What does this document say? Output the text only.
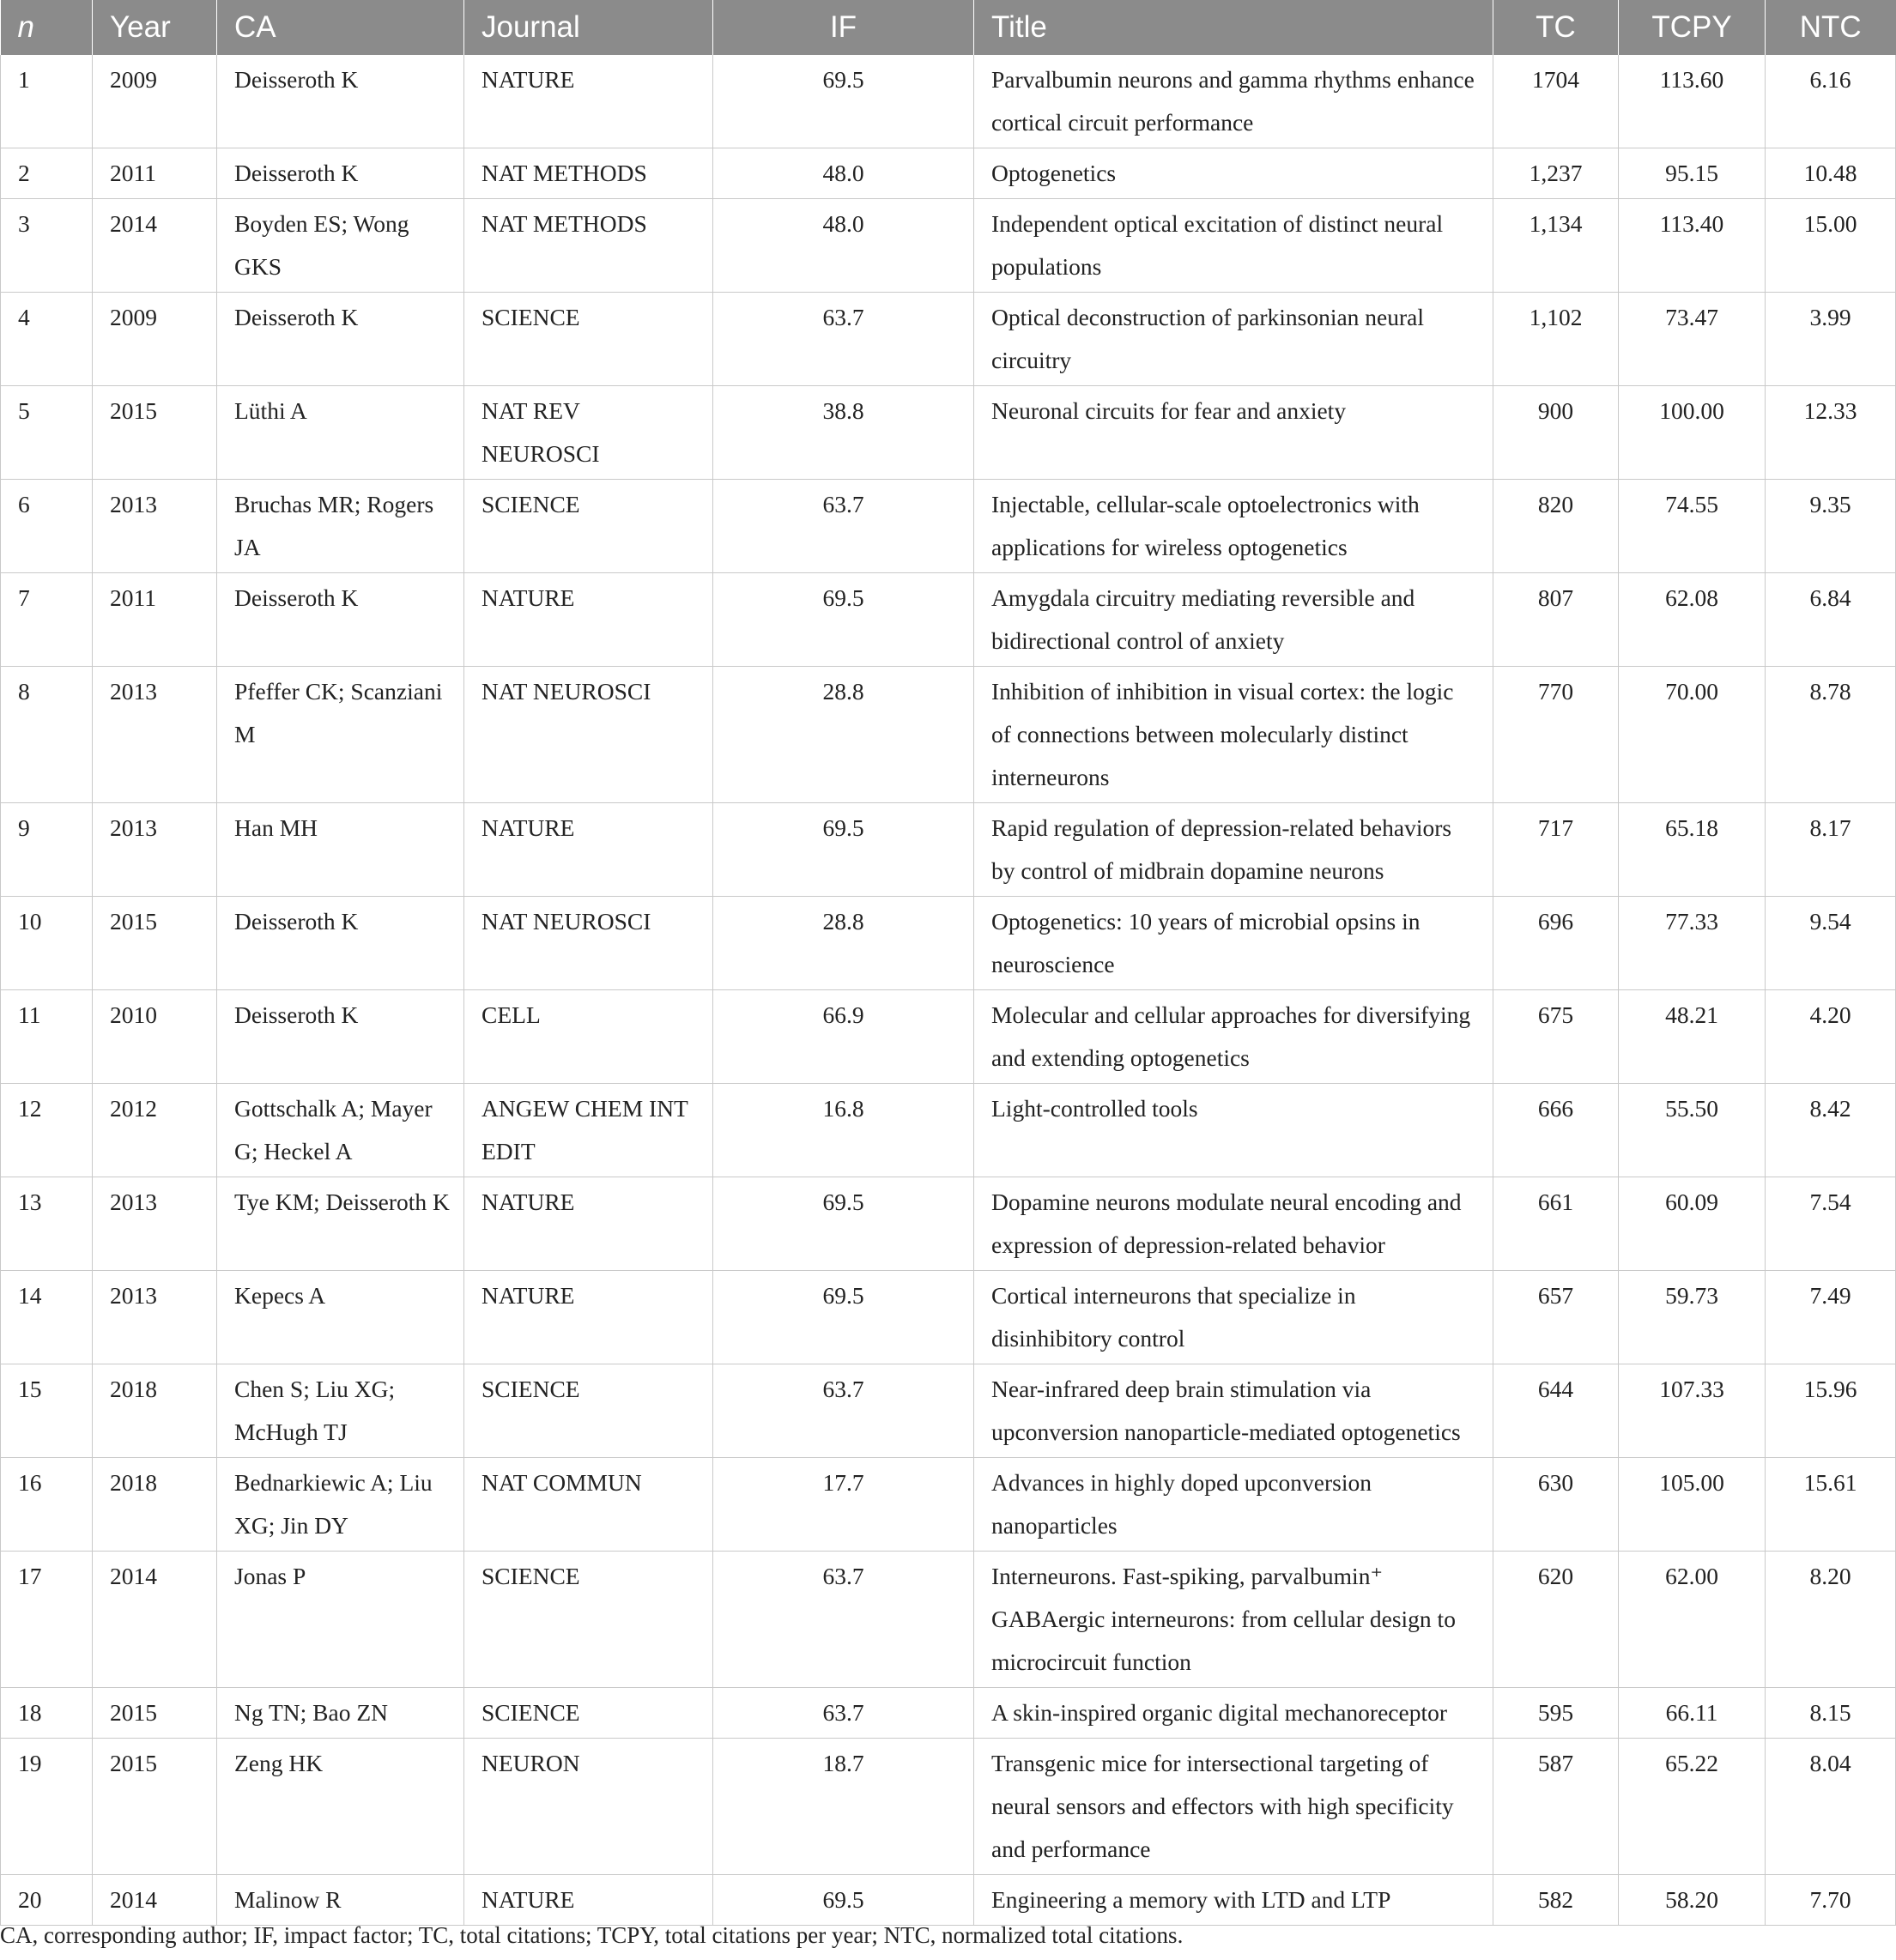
n	Year	CA	Journal	IF	Title	TC	TCPY	NTC
1	2009	Deisseroth K	NATURE	69.5	Parvalbumin neurons and gamma rhythms enhance cortical circuit performance	1704	113.60	6.16
2	2011	Deisseroth K	NAT METHODS	48.0	Optogenetics	1,237	95.15	10.48
3	2014	Boyden ES; Wong GKS	NAT METHODS	48.0	Independent optical excitation of distinct neural populations	1,134	113.40	15.00
4	2009	Deisseroth K	SCIENCE	63.7	Optical deconstruction of parkinsonian neural circuitry	1,102	73.47	3.99
5	2015	Lüthi A	NAT REV NEUROSCI	38.8	Neuronal circuits for fear and anxiety	900	100.00	12.33
6	2013	Bruchas MR; Rogers JA	SCIENCE	63.7	Injectable, cellular-scale optoelectronics with applications for wireless optogenetics	820	74.55	9.35
7	2011	Deisseroth K	NATURE	69.5	Amygdala circuitry mediating reversible and bidirectional control of anxiety	807	62.08	6.84
8	2013	Pfeffer CK; Scanziani M	NAT NEUROSCI	28.8	Inhibition of inhibition in visual cortex: the logic of connections between molecularly distinct interneurons	770	70.00	8.78
9	2013	Han MH	NATURE	69.5	Rapid regulation of depression-related behaviors by control of midbrain dopamine neurons	717	65.18	8.17
10	2015	Deisseroth K	NAT NEUROSCI	28.8	Optogenetics: 10 years of microbial opsins in neuroscience	696	77.33	9.54
11	2010	Deisseroth K	CELL	66.9	Molecular and cellular approaches for diversifying and extending optogenetics	675	48.21	4.20
12	2012	Gottschalk A; Mayer G; Heckel A	ANGEW CHEM INT EDIT	16.8	Light-controlled tools	666	55.50	8.42
13	2013	Tye KM; Deisseroth K	NATURE	69.5	Dopamine neurons modulate neural encoding and expression of depression-related behavior	661	60.09	7.54
14	2013	Kepecs A	NATURE	69.5	Cortical interneurons that specialize in disinhibitory control	657	59.73	7.49
15	2018	Chen S; Liu XG; McHugh TJ	SCIENCE	63.7	Near-infrared deep brain stimulation via upconversion nanoparticle-mediated optogenetics	644	107.33	15.96
16	2018	Bednarkiewic A; Liu XG; Jin DY	NAT COMMUN	17.7	Advances in highly doped upconversion nanoparticles	630	105.00	15.61
17	2014	Jonas P	SCIENCE	63.7	Interneurons. Fast-spiking, parvalbumin⁺ GABAergic interneurons: from cellular design to microcircuit function	620	62.00	8.20
18	2015	Ng TN; Bao ZN	SCIENCE	63.7	A skin-inspired organic digital mechanoreceptor	595	66.11	8.15
19	2015	Zeng HK	NEURON	18.7	Transgenic mice for intersectional targeting of neural sensors and effectors with high specificity and performance	587	65.22	8.04
20	2014	Malinow R	NATURE	69.5	Engineering a memory with LTD and LTP	582	58.20	7.70
CA, corresponding author; IF, impact factor; TC, total citations; TCPY, total citations per year; NTC, normalized total citations.
